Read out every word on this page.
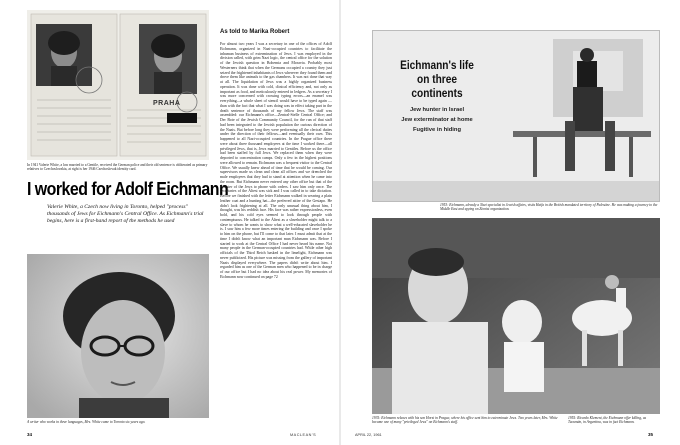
PRAHA
In 1941 Valerie White, a law married to a Gentile, received the German police and their old sentence is obliterated as primary relatives to Czechoslovakia, at right is her 1946 Czechoslovak identity card.
I worked for Adolf Eichmann
Valerie White, a Czech now living in Toronto, helped "process" thousands of Jews for Eichmann's Central Office. As Eichmann's trial begins, here is a first-hand report of the methods he used
A writer who works in three languages, Mrs. White came to Toronto six years ago.
34
As told to Marika Robert
For almost two years I was a secretary in one of the offices of Adolf Eichmann, organized in Nazi-occupied countries to facilitate the inhuman business of extermination of Jews. I was employed in the division called, with grim Nazi logic, the central office for the solution of the Jewish question in Bohemia and Moravia. Probably most Westerners think that when the Germans occupied a country they just seized the frightened inhabitants of Jews wherever they found them and drove them like animals to the gas chambers. It was not done that way at all. The liquidation of Jews was a highly organized business operation. It was done with cold, clinical efficiency and, not only as important as food, and meticulously entered in ledgers. As a secretary I was more concerned with crossing typing errors—an enamel was everything—a whole sheet of stencil would have to be typed again — than with the fact that what I was doing was in effect taking part in the death sentence of thousands of my fellow Jews. The staff was assembled: our Eichmann's office—Zentral-Stelle Central Office; and Der Bote of the Jewish Community Council, for the run of that staff had been integrated to the Jewish population the curious direction of the Nazis. But before long they were performing all the clerical duties under the direction of their fellows—and eventually their own. This happened to all Nazi-occupied countries. In the Prague office there were about three thousand employees at the time I worked there—all privileged Jews, that is, Jews married to Gentiles. Before us the office had been staffed by full Jews. We replaced them when they were deported to concentration camps. Only a few in the highest positions were allowed to remain. Eichmann was a frequent visitor to the Central Office. We usually knew ahead of time that he would be coming. Our supervisors made us clean and clean all offices and we drenched the male employees that they had to stand at attention when he came into the room. But Eichmann never entered any other office but that of the Ältester of the Jews to phone with orders. I saw him only once. The secretaries of the Ältest was sick and I was called in to take dictation. Before we finished with the letter Eichmann walked in wearing a plain leather coat and a hunting hat—the preferred attire of the Gestapo. He didn't look frightening at all. The only unusual thing about him, I thought, was his reddish face. His face was rather expressionless, even bold, and his cold eyes seemed to look through people with contemptuous. He talked to the Ältest as a slaveholder might talk to a slave to whom he wants to show what a well-educated slaveholder he is. I saw him a few more times entering the building and once I spoke to him on the phone, but I'll come to that later. I must admit that at the time I didn't know what an important man Eichmann was. Before I started to work at the Central Office I had never heard his name. Not many people in the German-occupied countries had. While other high officials of the Third Reich basked in the limelight, Eichmann was never publicized. His picture was missing from the gallery of important Nazis displayed everywhere. The papers didn't write about him. I regarded him as one of the German men who happened to be in charge of our office but I had no idea about his real power. My memories of Eichmann now continued on page 72
Eichmann's life on three continents
Jew hunter in Israel
Jew exterminator at home
Fugitive in hiding
1953: Eichmann, already a Nazi specialist in Jewish affairs, visits Haifa in the British mandated territory of Palestine. He was making a journey to the Middle East and spying on Zionist organization.
1935: Eichmann relaxes with his son Horst in Prague, where his office sent him to exterminate Jews. Two years later, Mrs. White became one of many "privileged Jews" on Eichmann's staff.
1955: Ricardo Klement, the Eichmann offer killing, as Tucumán, in Argentina, was in fact Eichmann.
APRIL 22, 1961
MACLEAN'S	35
